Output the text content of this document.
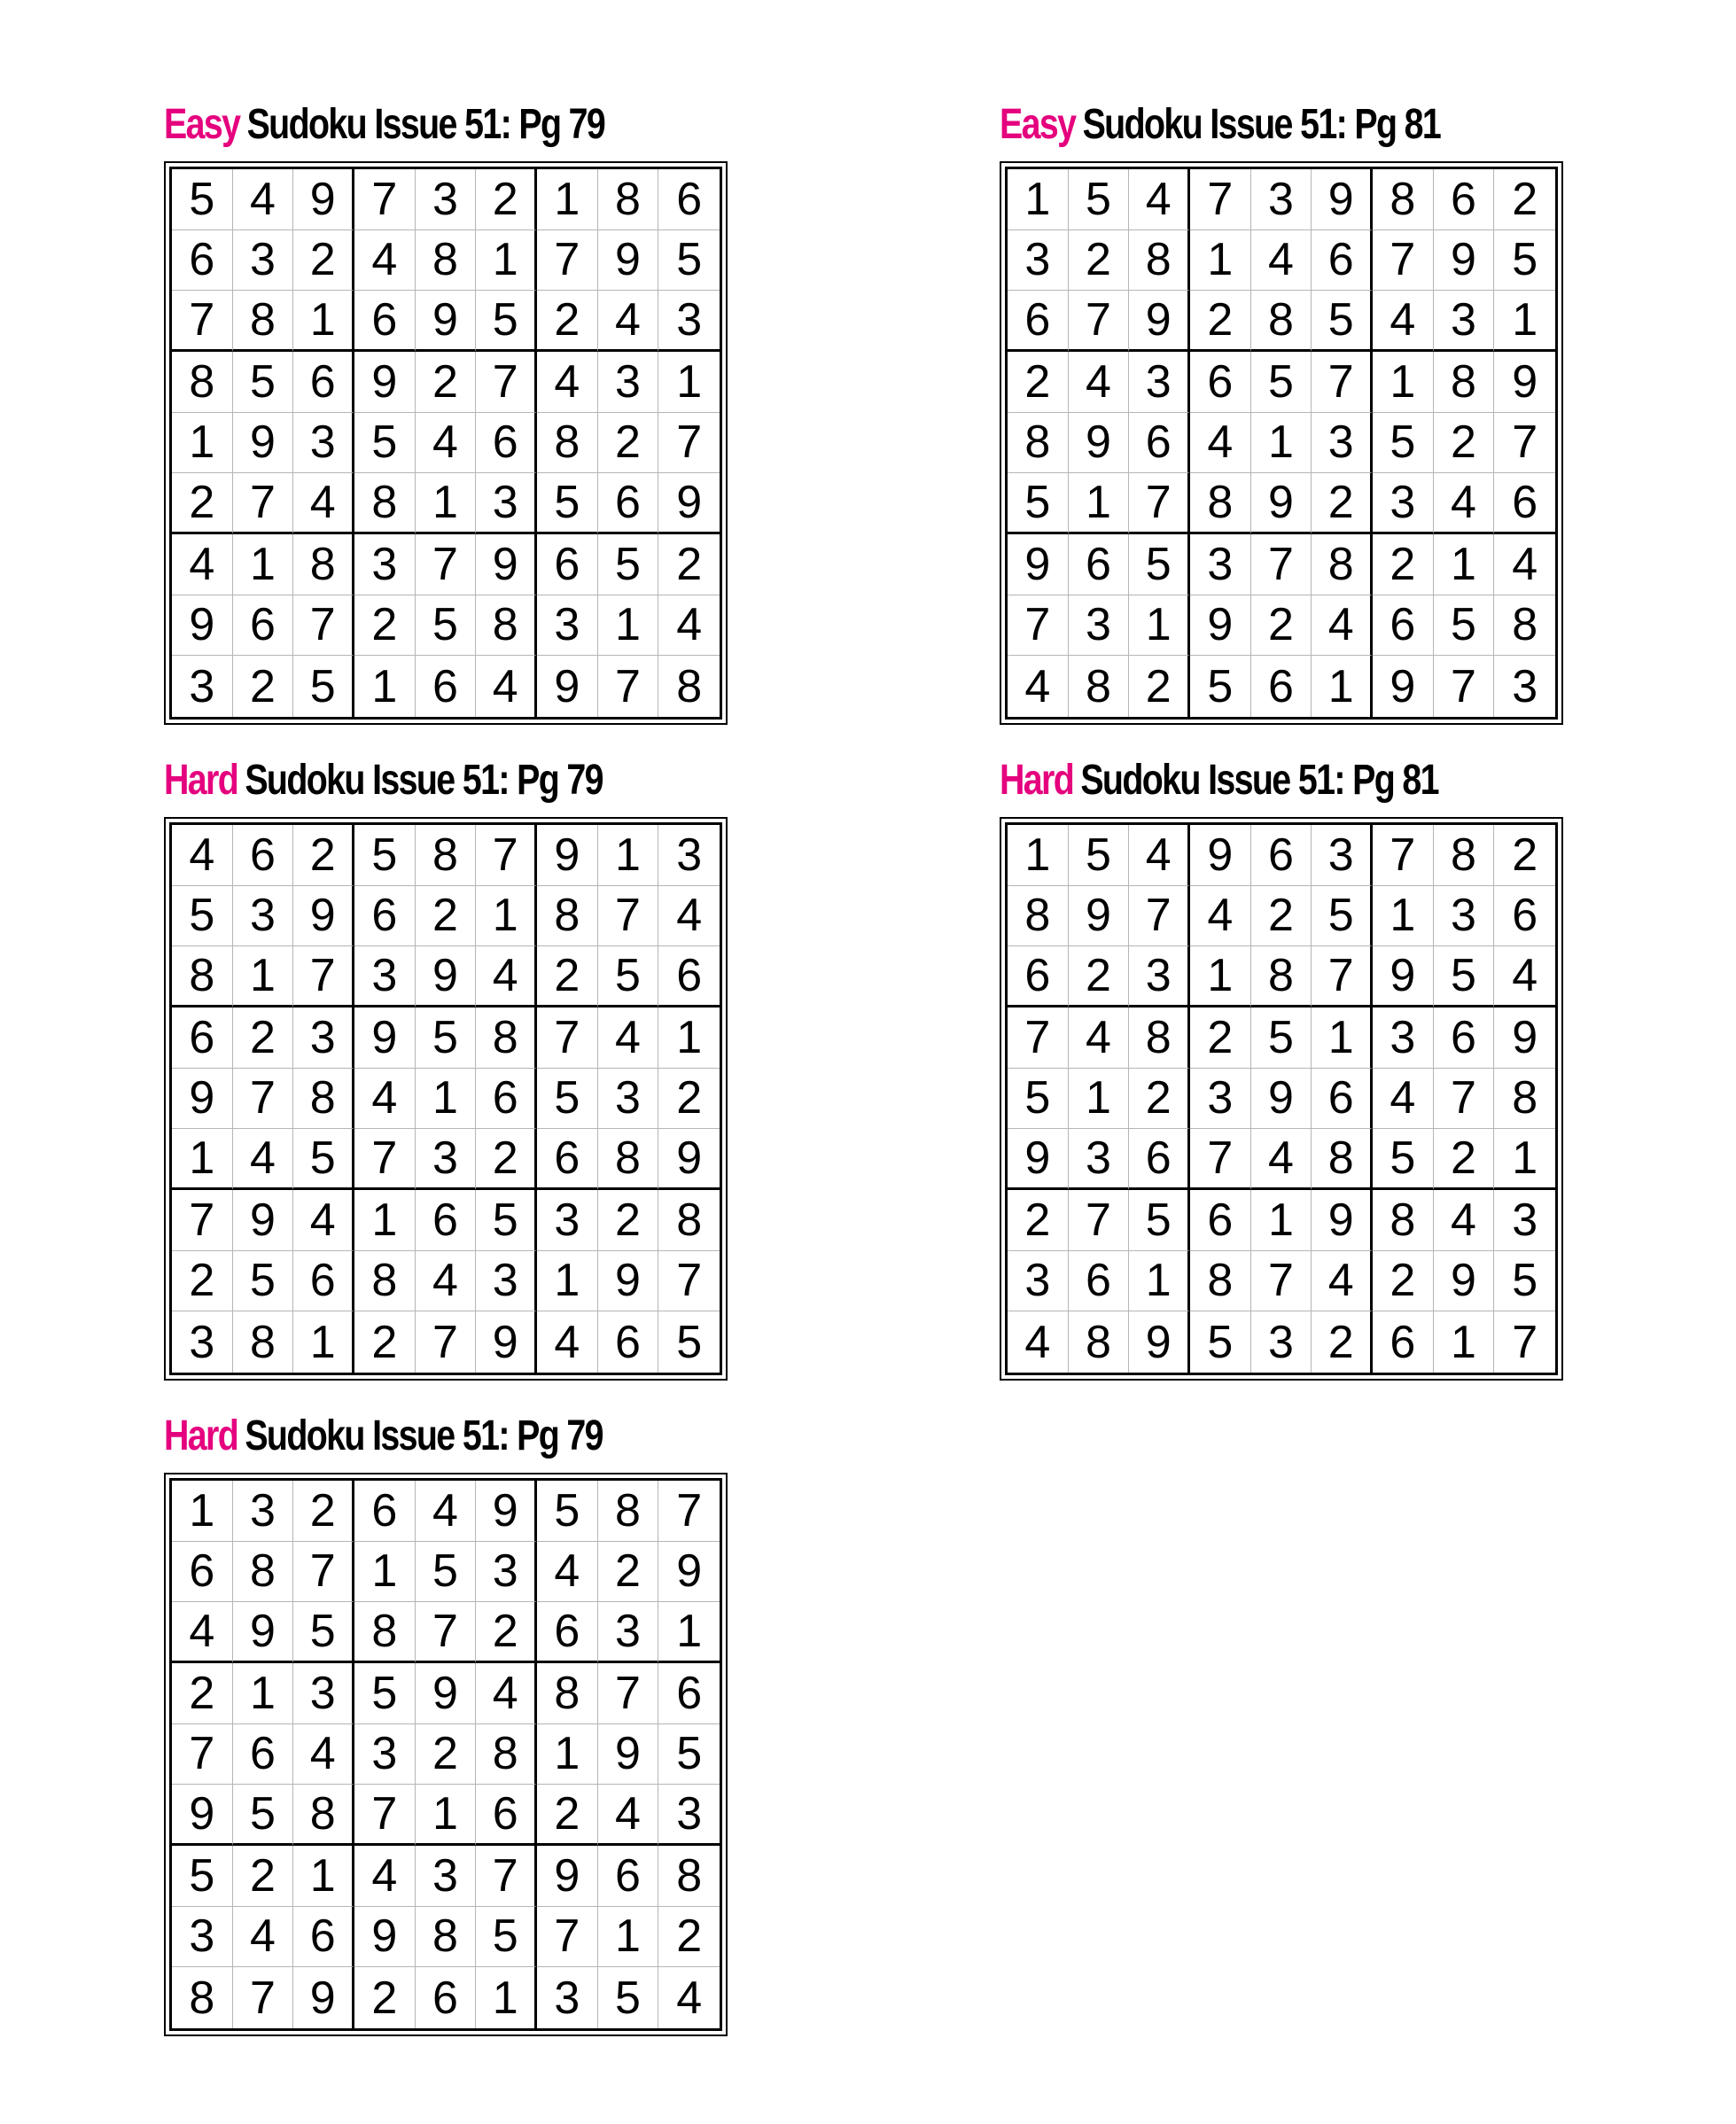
Easy Sudoku Issue 51: Pg 79
5 4 9 7 3 2 1 8 6
6 3 2 4 8 1 7 9 5
7 8 1 6 9 5 2 4 3
8 5 6 9 2 7 4 3 1
1 9 3 5 4 6 8 2 7
2 7 4 8 1 3 5 6 9
4 1 8 3 7 9 6 5 2
9 6 7 2 5 8 3 1 4
3 2 5 1 6 4 9 7 8
Easy Sudoku Issue 51: Pg 81
1 5 4 7 3 9 8 6 2
3 2 8 1 4 6 7 9 5
6 7 9 2 8 5 4 3 1
2 4 3 6 5 7 1 8 9
8 9 6 4 1 3 5 2 7
5 1 7 8 9 2 3 4 6
9 6 5 3 7 8 2 1 4
7 3 1 9 2 4 6 5 8
4 8 2 5 6 1 9 7 3
Hard Sudoku Issue 51: Pg 79
4 6 2 5 8 7 9 1 3
5 3 9 6 2 1 8 7 4
8 1 7 3 9 4 2 5 6
6 2 3 9 5 8 7 4 1
9 7 8 4 1 6 5 3 2
1 4 5 7 3 2 6 8 9
7 9 4 1 6 5 3 2 8
2 5 6 8 4 3 1 9 7
3 8 1 2 7 9 4 6 5
Hard Sudoku Issue 51: Pg 81
1 5 4 9 6 3 7 8 2
8 9 7 4 2 5 1 3 6
6 2 3 1 8 7 9 5 4
7 4 8 2 5 1 3 6 9
5 1 2 3 9 6 4 7 8
9 3 6 7 4 8 5 2 1
2 7 5 6 1 9 8 4 3
3 6 1 8 7 4 2 9 5
4 8 9 5 3 2 6 1 7
Hard Sudoku Issue 51: Pg 79
1 3 2 6 4 9 5 8 7
6 8 7 1 5 3 4 2 9
4 9 5 8 7 2 6 3 1
2 1 3 5 9 4 8 7 6
7 6 4 3 2 8 1 9 5
9 5 8 7 1 6 2 4 3
5 2 1 4 3 7 9 6 8
3 4 6 9 8 5 7 1 2
8 7 9 2 6 1 3 5 4
